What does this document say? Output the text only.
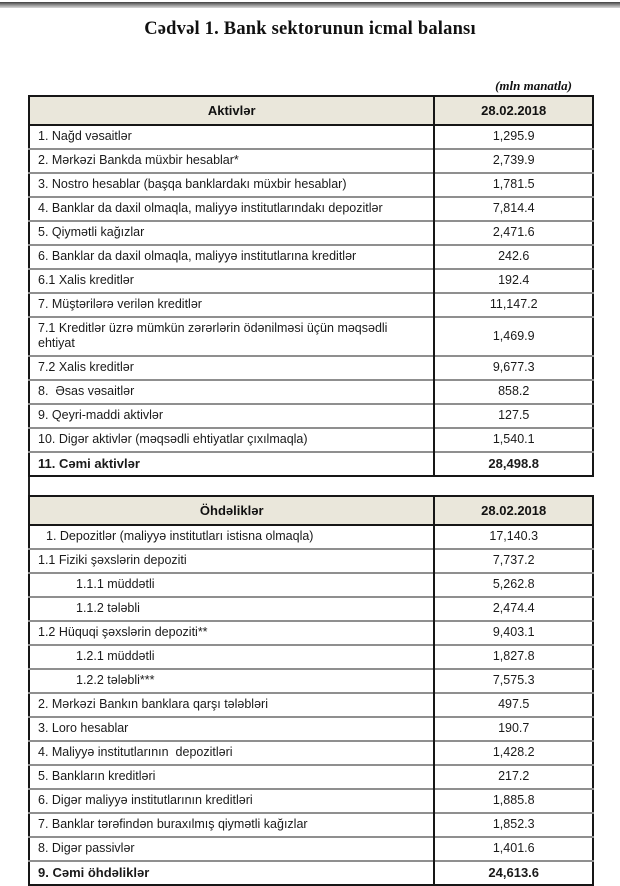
Cədvəl 1. Bank sektorunun icmal balansı
(mln manatla)
Aktivlər	28.02.2018
1. Nağd vəsaitlər	1,295.9
2. Mərkəzi Bankda müxbir hesablar*	2,739.9
3. Nostro hesablar (başqa banklardakı müxbir hesablar)	1,781.5
4. Banklar da daxil olmaqla, maliyyə institutlarındakı depozitlər	7,814.4
5. Qiymətli kağızlar	2,471.6
6. Banklar da daxil olmaqla, maliyyə institutlarına kreditlər	242.6
6.1 Xalis kreditlər	192.4
7. Müştərilərə verilən kreditlər	11,147.2
7.1 Kreditlər üzrə mümkün zərərlərin ödənilməsi üçün məqsədli ehtiyat	1,469.9
7.2 Xalis kreditlər	9,677.3
8.  Əsas vəsaitlər	858.2
9. Qeyri-maddi aktivlər	127.5
10. Digər aktivlər (məqsədli ehtiyatlar çıxılmaqla)	1,540.1
11. Cəmi aktivlər	28,498.8
Öhdəliklər	28.02.2018
1. Depozitlər (maliyyə institutları istisna olmaqla)	17,140.3
1.1 Fiziki şəxslərin depoziti	7,737.2
1.1.1 müddətli	5,262.8
1.1.2 tələbli	2,474.4
1.2 Hüquqi şəxslərin depoziti**	9,403.1
1.2.1 müddətli	1,827.8
1.2.2 tələbli***	7,575.3
2. Mərkəzi Bankın banklara qarşı tələbləri	497.5
3. Loro hesablar	190.7
4. Maliyyə institutlarının  depozitləri	1,428.2
5. Bankların kreditləri	217.2
6. Digər maliyyə institutlarının kreditləri	1,885.8
7. Banklar tərəfindən buraxılmış qiymətli kağızlar	1,852.3
8. Digər passivlər	1,401.6
9. Cəmi öhdəliklər	24,613.6
